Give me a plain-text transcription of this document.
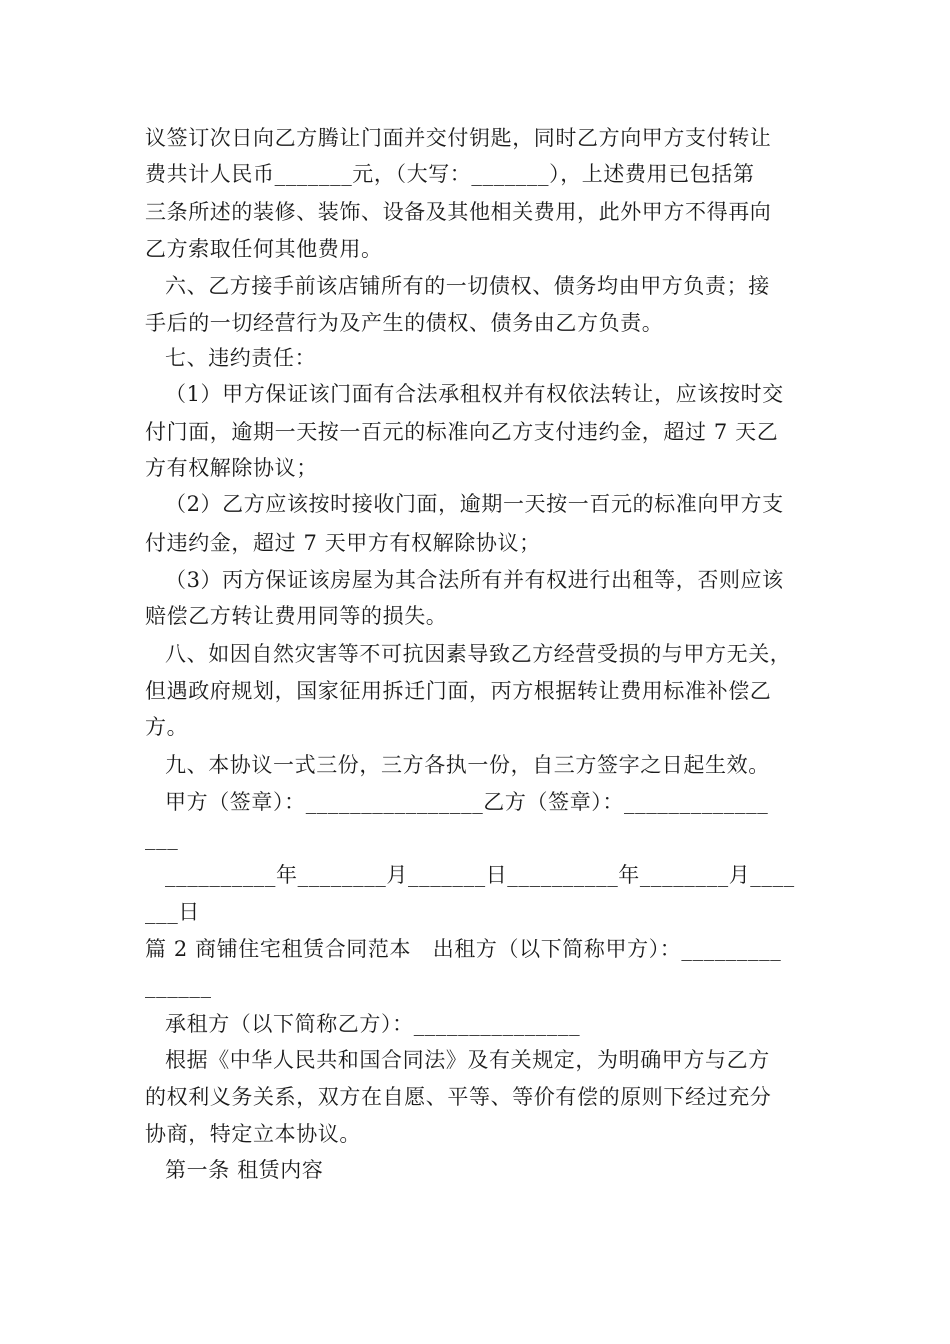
议签订次日向乙方腾让门面并交付钥匙，同时乙方向甲方支付转让
费共计人民币_______元，（大写：_______），上述费用已包括第
三条所述的装修、装饰、设备及其他相关费用，此外甲方不得再向
乙方索取任何其他费用。
六、乙方接手前该店铺所有的一切债权、债务均由甲方负责；接
手后的一切经营行为及产生的债权、债务由乙方负责。
七、违约责任：
（1）甲方保证该门面有合法承租权并有权依法转让，应该按时交
付门面，逾期一天按一百元的标准向乙方支付违约金，超过 7 天乙
方有权解除协议；
（2）乙方应该按时接收门面，逾期一天按一百元的标准向甲方支
付违约金，超过 7 天甲方有权解除协议；
（3）丙方保证该房屋为其合法所有并有权进行出租等，否则应该
赔偿乙方转让费用同等的损失。
八、如因自然灾害等不可抗因素导致乙方经营受损的与甲方无关，
但遇政府规划，国家征用拆迁门面，丙方根据转让费用标准补偿乙
方。
九、本协议一式三份，三方各执一份，自三方签字之日起生效。
甲方（签章）：________________乙方（签章）：_____________
___
__________年________月_______日__________年________月____
___日
篇 2 商铺住宅租赁合同范本　出租方（以下简称甲方）：_________
______
承租方（以下简称乙方）：_______________
根据《中华人民共和国合同法》及有关规定，为明确甲方与乙方
的权利义务关系，双方在自愿、平等、等价有偿的原则下经过充分
协商，特定立本协议。
第一条 租赁内容
